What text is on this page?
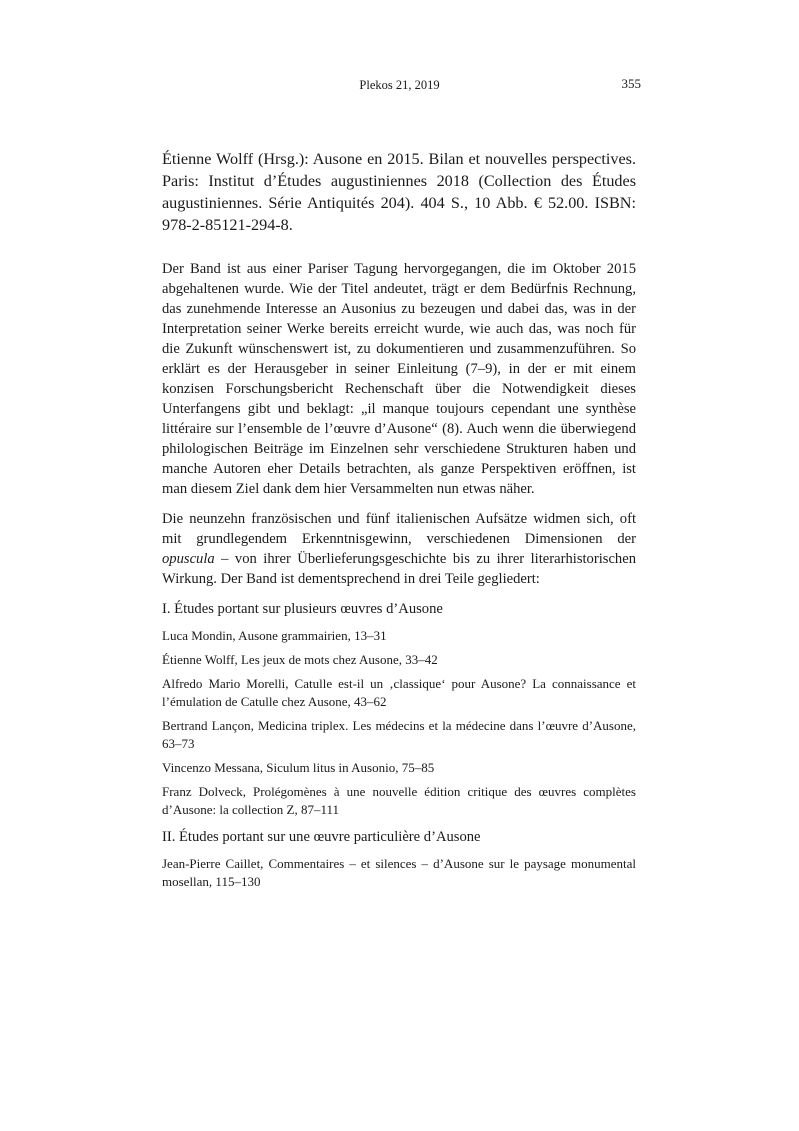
Plekos 21, 2019	355

Étienne Wolff (Hrsg.): Ausone en 2015. Bilan et nouvelles perspectives. Paris: Institut d’Études augustiniennes 2018 (Collection des Études augustiniennes. Série Antiquités 204). 404 S., 10 Abb. € 52.00. ISBN: 978-2-85121-294-8.

Der Band ist aus einer Pariser Tagung hervorgegangen, die im Oktober 2015 abgehaltenen wurde. Wie der Titel andeutet, trägt er dem Bedürfnis Rechnung, das zunehmende Interesse an Ausonius zu bezeugen und dabei das, was in der Interpretation seiner Werke bereits erreicht wurde, wie auch das, was noch für die Zukunft wünschenswert ist, zu dokumentieren und zusammenzuführen. So erklärt es der Herausgeber in seiner Einleitung (7–9), in der er mit einem konzisen Forschungsbericht Rechenschaft über die Notwendigkeit dieses Unterfangens gibt und beklagt: „il manque toujours cependant une synthèse littéraire sur l’ensemble de l’œuvre d’Ausone“ (8). Auch wenn die überwiegend philologischen Beiträge im Einzelnen sehr verschiedene Strukturen haben und manche Autoren eher Details betrachten, als ganze Perspektiven eröffnen, ist man diesem Ziel dank dem hier Versammelten nun etwas näher.

Die neunzehn französischen und fünf italienischen Aufsätze widmen sich, oft mit grundlegendem Erkenntnisgewinn, verschiedenen Dimensionen der opuscula – von ihrer Überlieferungsgeschichte bis zu ihrer literarhistorischen Wirkung. Der Band ist dementsprechend in drei Teile gegliedert:

I. Études portant sur plusieurs œuvres d’Ausone
Luca Mondin, Ausone grammairien, 13–31
Étienne Wolff, Les jeux de mots chez Ausone, 33–42
Alfredo Mario Morelli, Catulle est-il un ‚classique‘ pour Ausone? La connaissance et l’émulation de Catulle chez Ausone, 43–62
Bertrand Lançon, Medicina triplex. Les médecins et la médecine dans l’œuvre d’Ausone, 63–73
Vincenzo Messana, Siculum litus in Ausonio, 75–85
Franz Dolveck, Prolégomènes à une nouvelle édition critique des œuvres complètes d’Ausone: la collection Z, 87–111
II. Études portant sur une œuvre particulière d’Ausone
Jean-Pierre Caillet, Commentaires – et silences – d’Ausone sur le paysage monumental mosellan, 115–130
